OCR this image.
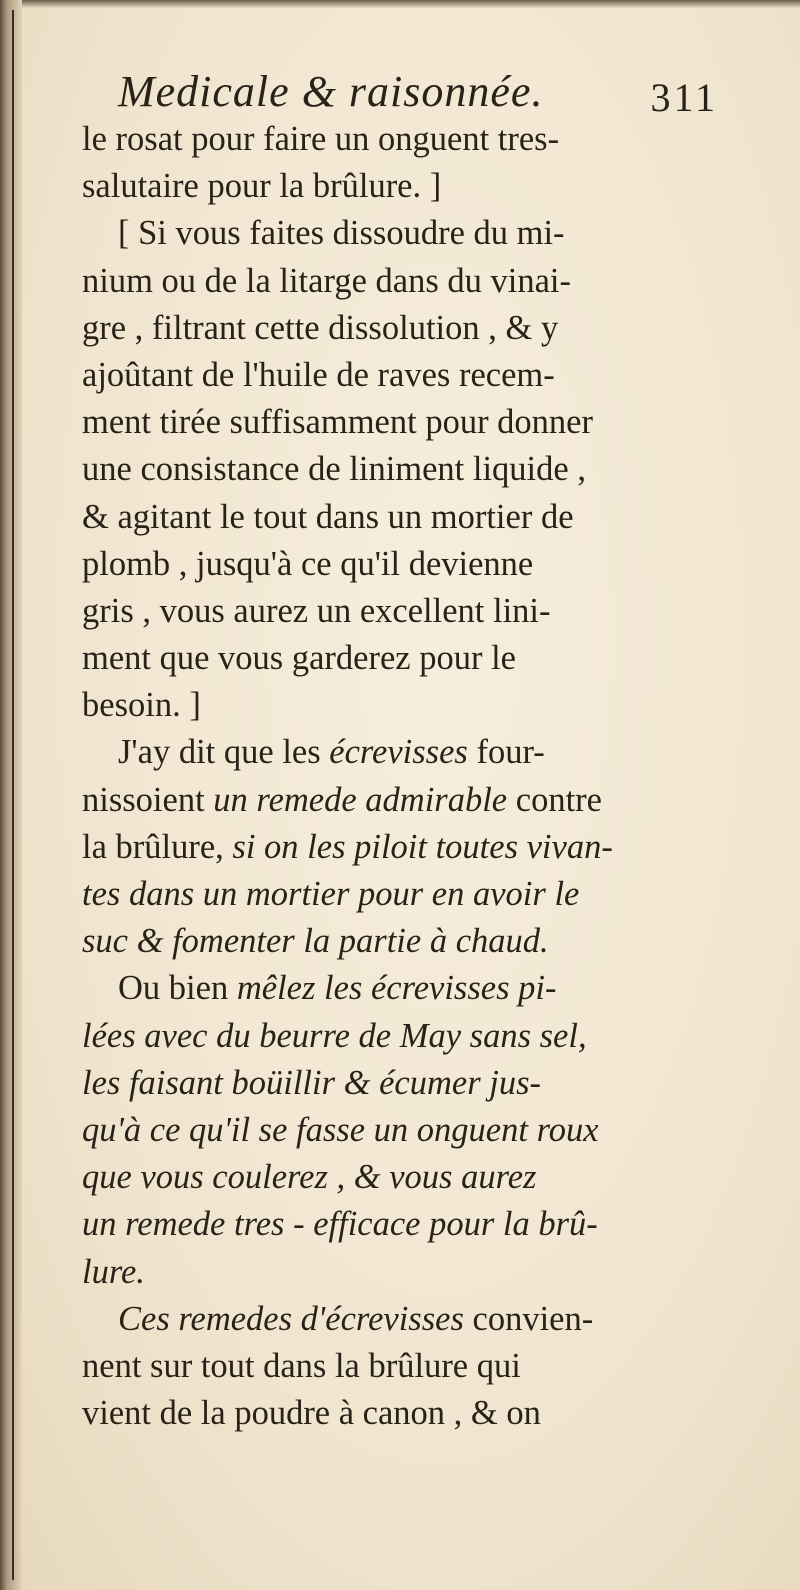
Medicale & raisonnée.	311
le rosat pour faire un onguent tres-
salutaire pour la brûlure. ]
[ Si vous faites dissoudre du mi-
nium ou de la litarge dans du vinai-
gre , filtrant cette dissolution , & y
ajoûtant de l'huile de raves recem-
ment tirée suffisamment pour donner
une consistance de liniment liquide ,
& agitant le tout dans un mortier de
plomb , jusqu'à ce qu'il devienne
gris , vous aurez un excellent lini-
ment que vous garderez pour le
besoin. ]
J'ay dit que les écrevisses four-
nissoient un remede admirable contre
la brûlure, si on les piloit toutes vivan-
tes dans un mortier pour en avoir le
suc & fomenter la partie à chaud.
Ou bien mêlez les écrevisses pi-
lées avec du beurre de May sans sel,
les faisant boüillir & écumer jus-
qu'à ce qu'il se fasse un onguent roux
que vous coulerez , & vous aurez
un remede tres - efficace pour la brû-
lure.
Ces remedes d'écrevisses convien-
nent sur tout dans la brûlure qui
vient de la poudre à canon , & on
